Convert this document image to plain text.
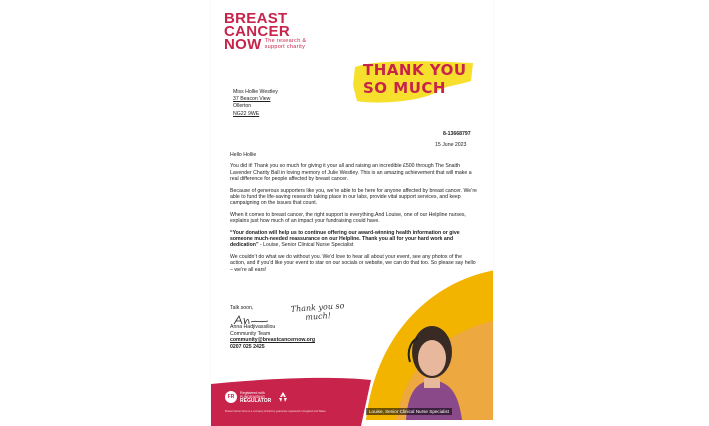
BREAST
CANCER
NOW The research &
support charity
THANK YOU
SO MUCH
Miss Hollie Westley
37 Beacon View
Ollerton
NG22 9WE
8-13668797
15 June 2023

Hello Hollie

You did it! Thank you so much for giving it your all and raising an incredible £500 through The Snaith Lavender Charity Ball in loving memory of Julie Westley. This is an amazing achievement that will make a real difference for people affected by breast cancer.

Because of generous supporters like you, we’re able to be here for anyone affected by breast cancer. We’re able to fund the life-saving research taking place in our labs, provide vital support services, and keep campaigning on the issues that count.

When it comes to breast cancer, the right support is everything.And Louise, one of our Helpline nurses, explains just how much of an impact your fundraising could have.

“Your donation will help us to continue offering our award-winning health information or give someone much-needed reassurance on our Helpline. Thank you all for your hard work and dedication” - Louise, Senior Clinical Nurse Specialist

We couldn’t do what we do without you. We’d love to hear all about your event, see any photos of the action, and if you’d like your event to star on our socials or website, we can do that too. So please say hello – we’re all ears!

Talk soon,
Anna Hadjivassiliou
Community Team
community@breastcancernow.org
0207 025 2425
Thank you so
much!
Louise, Senior Clinical Nurse Specialist
FR
Registered with
FUNDRAISING
REGULATOR
Breast Cancer Now is a company limited by guarantee registered in England and Wales
